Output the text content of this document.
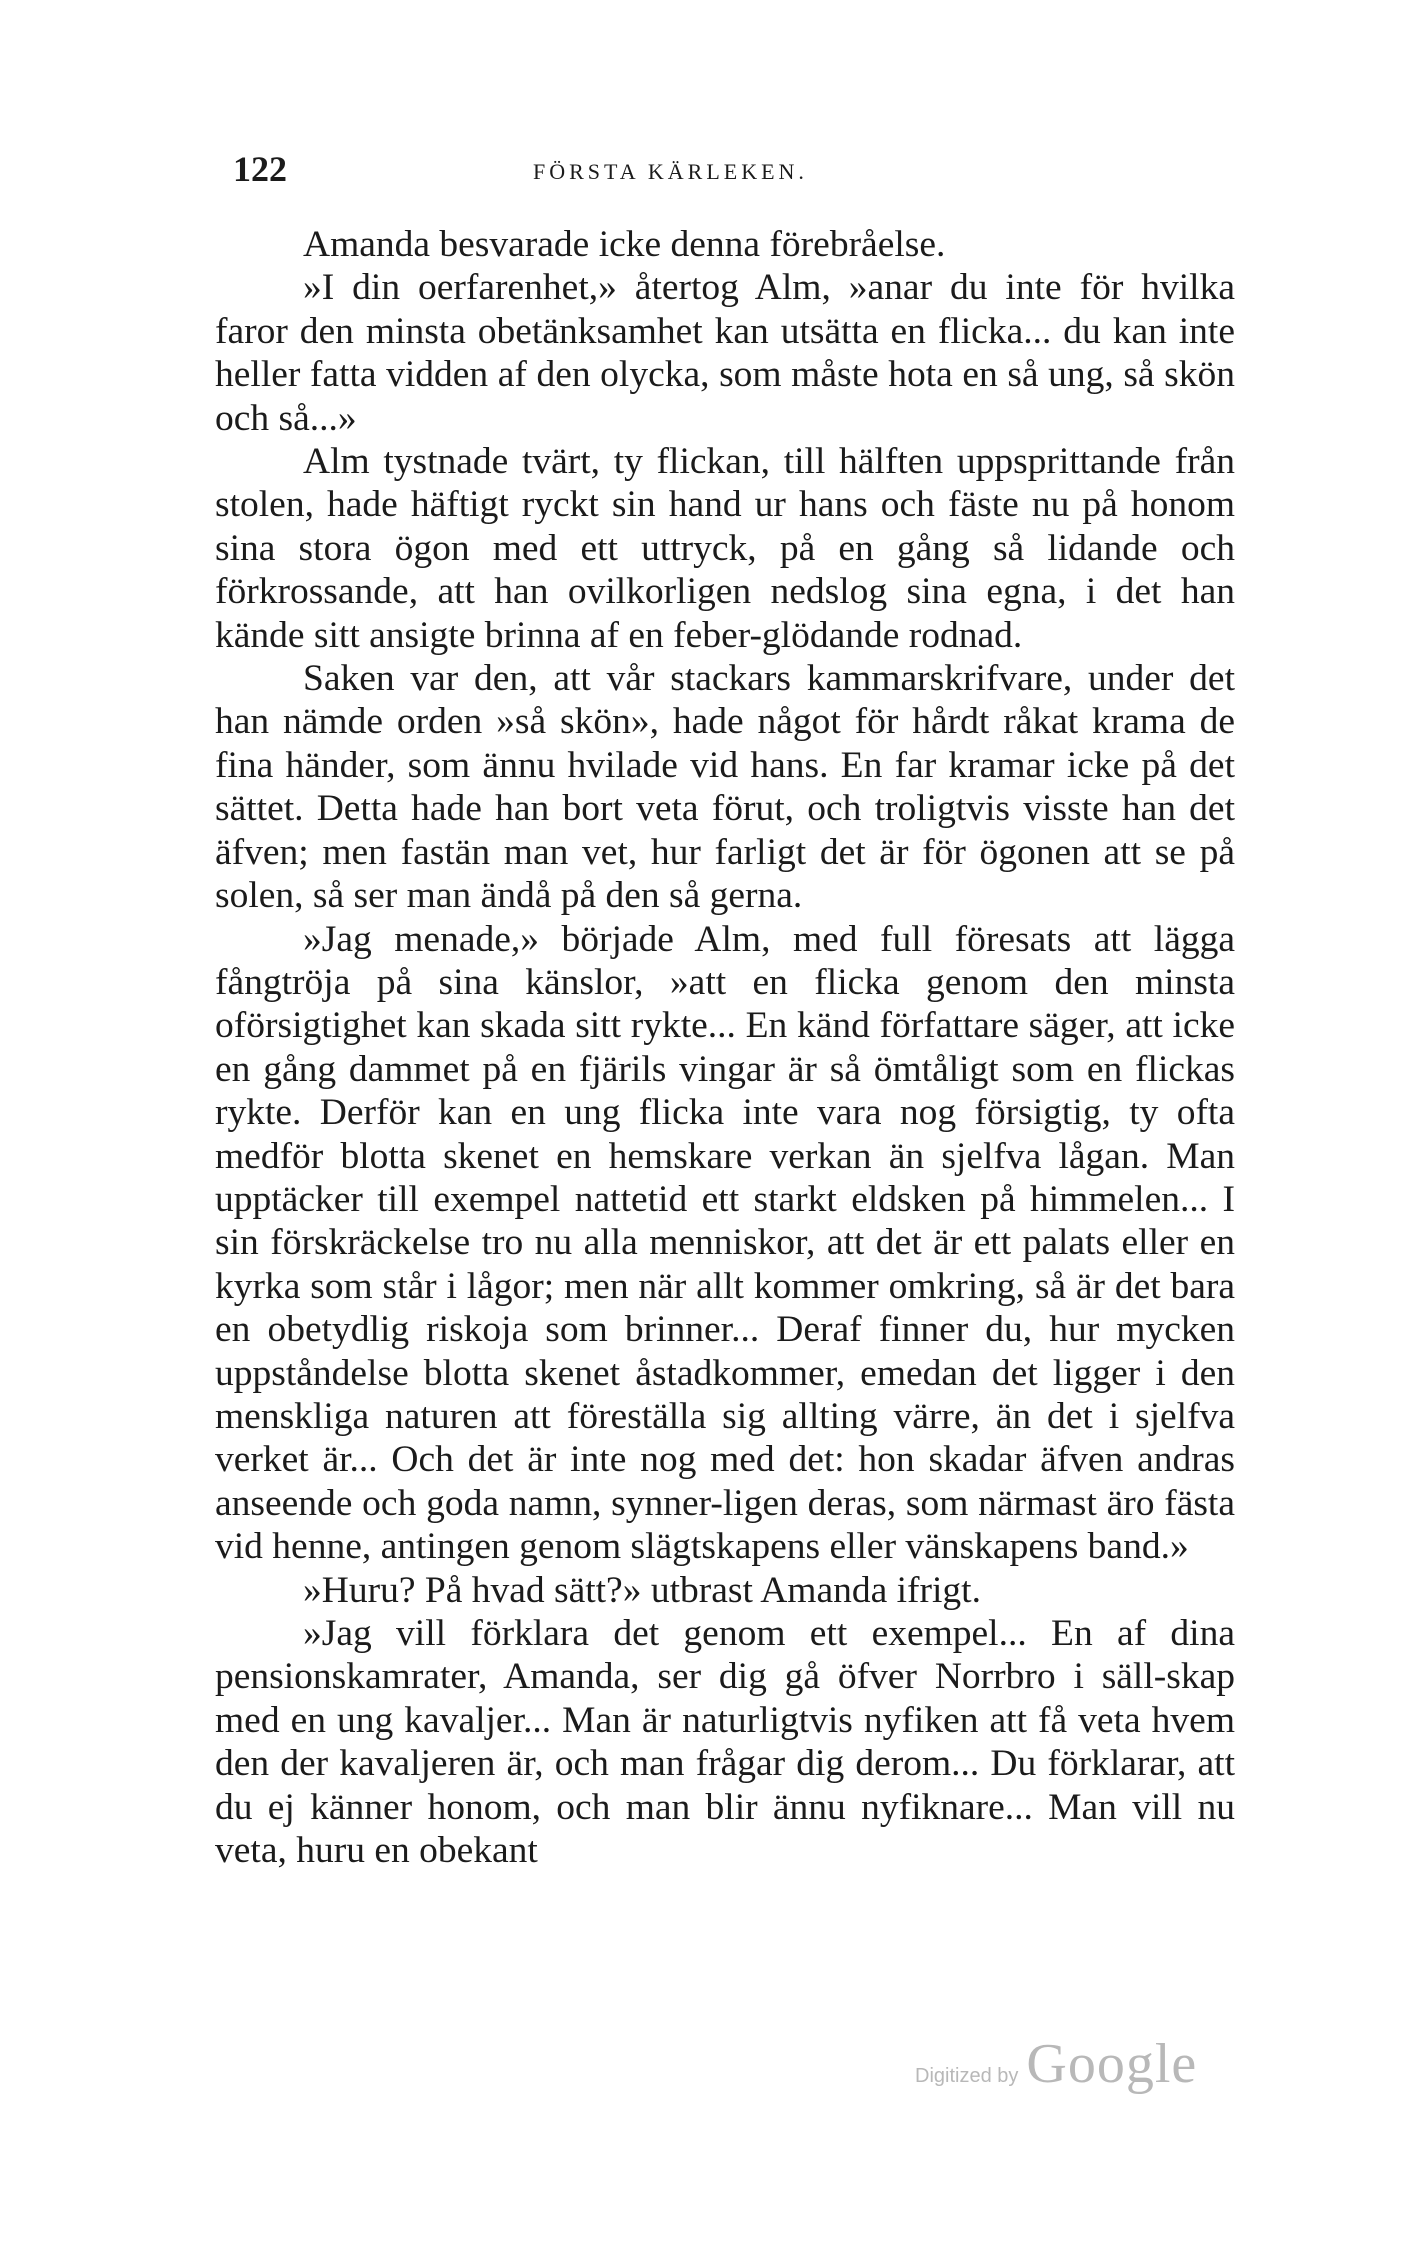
122	FÖRSTA KÄRLEKEN.

Amanda besvarade icke denna förebråelse.

»I din oerfarenhet,» återtog Alm, »anar du inte för hvilka faror den minsta obetänksamhet kan utsätta en flicka... du kan inte heller fatta vidden af den olycka, som måste hota en så ung, så skön och så...»

Alm tystnade tvärt, ty flickan, till hälften uppsprittande från stolen, hade häftigt ryckt sin hand ur hans och fäste nu på honom sina stora ögon med ett uttryck, på en gång så lidande och förkrossande, att han ovilkorligen nedslog sina egna, i det han kände sitt ansigte brinna af en feber-glödande rodnad.

Saken var den, att vår stackars kammarskrifvare, under det han nämde orden »så skön», hade något för hårdt råkat krama de fina händer, som ännu hvilade vid hans. En far kramar icke på det sättet. Detta hade han bort veta förut, och troligtvis visste han det äfven; men fastän man vet, hur farligt det är för ögonen att se på solen, så ser man ändå på den så gerna.

»Jag menade,» började Alm, med full föresats att lägga fångtröja på sina känslor, »att en flicka genom den minsta oförsigtighet kan skada sitt rykte... En känd författare säger, att icke en gång dammet på en fjärils vingar är så ömtåligt som en flickas rykte. Derför kan en ung flicka inte vara nog försigtig, ty ofta medför blotta skenet en hemskare verkan än sjelfva lågan. Man upptäcker till exempel nattetid ett starkt eldsken på himmelen... I sin förskräckelse tro nu alla menniskor, att det är ett palats eller en kyrka som står i lågor; men när allt kommer omkring, så är det bara en obetydlig riskoja som brinner... Deraf finner du, hur mycken uppståndelse blotta skenet åstadkommer, emedan det ligger i den menskliga naturen att föreställa sig allting värre, än det i sjelfva verket är... Och det är inte nog med det: hon skadar äfven andras anseende och goda namn, synner-ligen deras, som närmast äro fästa vid henne, antingen genom slägtskapens eller vänskapens band.»

»Huru? På hvad sätt?» utbrast Amanda ifrigt.

»Jag vill förklara det genom ett exempel... En af dina pensionskamrater, Amanda, ser dig gå öfver Norrbro i säll-skap med en ung kavaljer... Man är naturligtvis nyfiken att få veta hvem den der kavaljeren är, och man frågar dig derom... Du förklarar, att du ej känner honom, och man blir ännu nyfiknare... Man vill nu veta, huru en obekant

Digitized by Google
